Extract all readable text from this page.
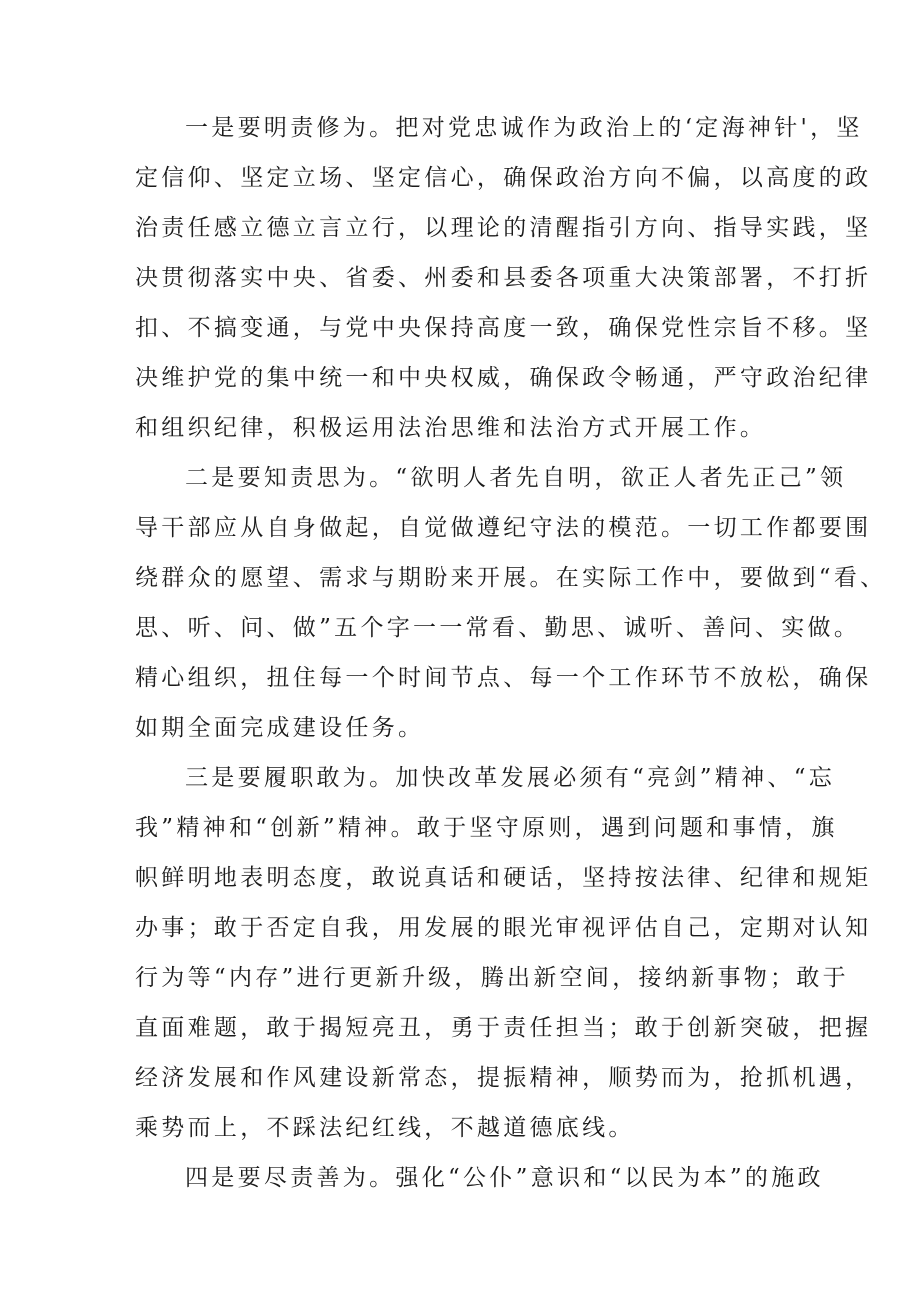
一是要明责修为。把对党忠诚作为政治上的‘定海神针'，坚

定信仰、坚定立场、坚定信心，确保政治方向不偏，以高度的政

治责任感立德立言立行，以理论的清醒指引方向、指导实践，坚

决贯彻落实中央、省委、州委和县委各项重大决策部署，不打折

扣、不搞变通，与党中央保持高度一致，确保党性宗旨不移。坚

决维护党的集中统一和中央权威，确保政令畅通，严守政治纪律

和组织纪律，积极运用法治思维和法治方式开展工作。

二是要知责思为。“欲明人者先自明，欲正人者先正己”领

导干部应从自身做起，自觉做遵纪守法的模范。一切工作都要围

绕群众的愿望、需求与期盼来开展。在实际工作中，要做到“看、

思、听、问、做”五个字一一常看、勤思、诚听、善问、实做。

精心组织，扭住每一个时间节点、每一个工作环节不放松，确保

如期全面完成建设任务。

三是要履职敢为。加快改革发展必须有“亮剑”精神、“忘

我”精神和“创新”精神。敢于坚守原则，遇到问题和事情，旗

帜鲜明地表明态度，敢说真话和硬话，坚持按法律、纪律和规矩

办事；敢于否定自我，用发展的眼光审视评估自己，定期对认知

行为等“内存”进行更新升级，腾出新空间，接纳新事物；敢于

直面难题，敢于揭短亮丑，勇于责任担当；敢于创新突破，把握

经济发展和作风建设新常态，提振精神，顺势而为，抢抓机遇，

乘势而上，不踩法纪红线，不越道德底线。

四是要尽责善为。强化“公仆”意识和“以民为本”的施政
